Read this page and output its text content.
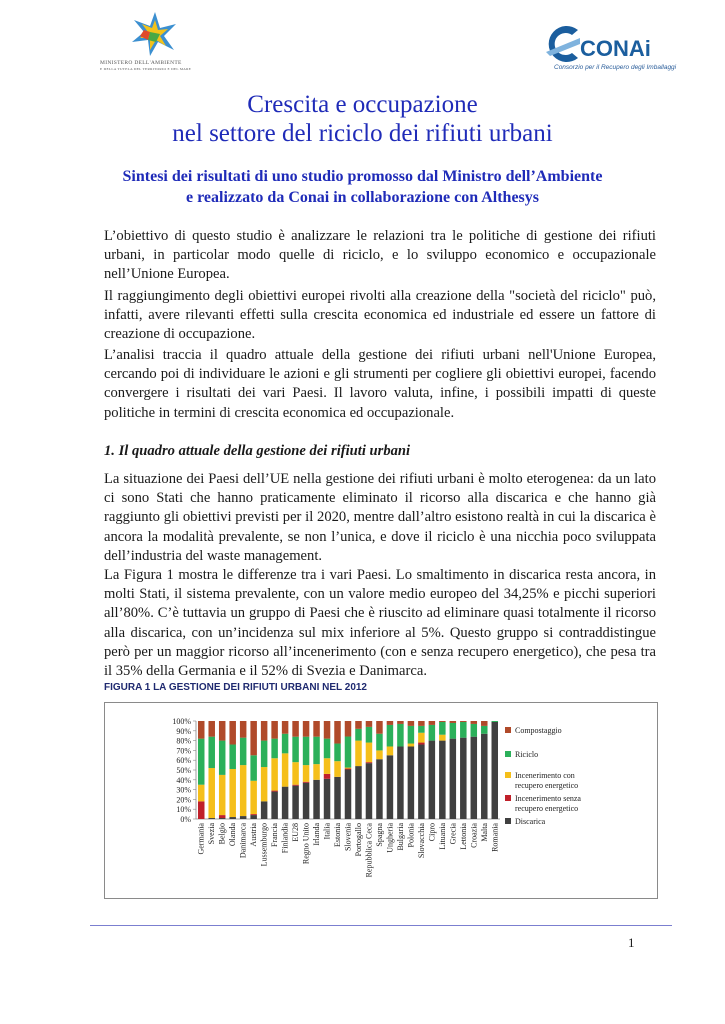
MINISTERO DELL'AMBIENTE
E DELLA TUTELA DEL TERRITORIO E DEL MARE
CONAi
Consorzio per il Recupero degli Imballaggi
Crescita e occupazione
nel settore del riciclo dei rifiuti urbani
Sintesi dei risultati di uno studio promosso dal Ministro dell’Ambiente
e realizzato da Conai in collaborazione con Althesys
L’obiettivo di questo studio è analizzare le relazioni tra le politiche di gestione dei rifiuti urbani, in particolar modo quelle di riciclo, e lo sviluppo economico e occupazionale nell’Unione Europea.
Il raggiungimento degli obiettivi europei rivolti alla creazione della "società del riciclo" può, infatti, avere rilevanti effetti sulla crescita economica ed industriale ed essere un fattore di creazione di occupazione.
L’analisi traccia il quadro attuale della gestione dei rifiuti urbani nell'Unione Europea, cercando poi di individuare le azioni e gli strumenti per cogliere gli obiettivi europei, facendo convergere i risultati dei vari Paesi. Il lavoro valuta, infine, i possibili impatti di queste politiche in termini di crescita economica ed occupazionale.
1. Il quadro attuale della gestione dei rifiuti urbani
La situazione dei Paesi dell’UE nella gestione dei rifiuti urbani è molto eterogenea: da un lato ci sono Stati che hanno praticamente eliminato il ricorso alla discarica e che hanno già raggiunto gli obiettivi previsti per il 2020, mentre dall’altro esistono realtà in cui la discarica è ancora la modalità prevalente, se non l’unica, e dove il riciclo è una nicchia poco sviluppata dell’industria del waste management.
La Figura 1 mostra le differenze tra i vari Paesi. Lo smaltimento in discarica resta ancora, in molti Stati, il sistema prevalente, con un valore medio europeo del 34,25% e picchi superiori all’80%. C’è tuttavia un gruppo di Paesi che è riuscito ad eliminare quasi totalmente il ricorso alla discarica, con un’incidenza sul mix inferiore al 5%. Questo gruppo si contraddistingue però per un maggior ricorso all’incenerimento (con e senza recupero energetico), che pesa tra il 35% della Germania e il 52% di Svezia e Danimarca.
FIGURA 1 LA GESTIONE DEI RIFIUTI URBANI NEL 2012
0%
10%
20%
30%
40%
50%
60%
70%
80%
90%
100%
Germania Svezia Belgio Olanda Danimarca Austria Lussemburgo Francia Finlandia EU28 Regno Unito Irlanda Italia Estonia Slovenia Portogallo Repubblica Ceca Spagna Ungheria Bulgaria Polonia Slovacchia Cipro Lituania Grecia Lettonia Croazia Malta Romania
Compostaggio
Riciclo
Incenerimento con
recupero energetico
Incenerimento senza
recupero energetico
Discarica
1
